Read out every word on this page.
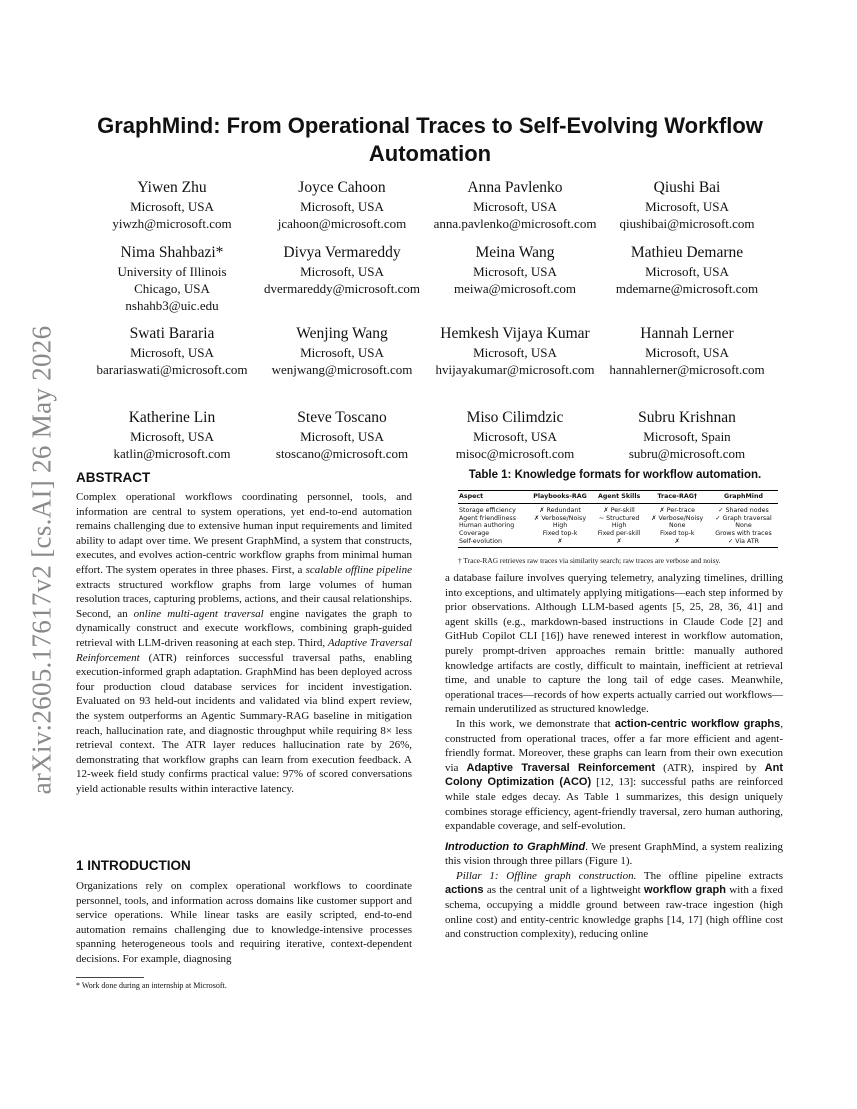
arXiv:2605.17617v2 [cs.AI] 26 May 2026
GraphMind: From Operational Traces to Self-Evolving Workflow Automation
Yiwen Zhu
Microsoft, USA
yiwzh@microsoft.com
Joyce Cahoon
Microsoft, USA
jcahoon@microsoft.com
Anna Pavlenko
Microsoft, USA
anna.pavlenko@microsoft.com
Qiushi Bai
Microsoft, USA
qiushibai@microsoft.com
Nima Shahbazi*
University of Illinois
Chicago, USA
nshahb3@uic.edu
Divya Vermareddy
Microsoft, USA
dvermareddy@microsoft.com
Meina Wang
Microsoft, USA
meiwa@microsoft.com
Mathieu Demarne
Microsoft, USA
mdemarne@microsoft.com
Swati Bararia
Microsoft, USA
barariaswati@microsoft.com
Wenjing Wang
Microsoft, USA
wenjwang@microsoft.com
Hemkesh Vijaya Kumar
Microsoft, USA
hvijayakumar@microsoft.com
Hannah Lerner
Microsoft, USA
hannahlerner@microsoft.com
Katherine Lin
Microsoft, USA
katlin@microsoft.com
Steve Toscano
Microsoft, USA
stoscano@microsoft.com
Miso Cilimdzic
Microsoft, USA
misoc@microsoft.com
Subru Krishnan
Microsoft, Spain
subru@microsoft.com
ABSTRACT

Complex operational workflows coordinating personnel, tools, and information are central to system operations, yet end-to-end automation remains challenging due to extensive human input requirements and limited ability to adapt over time. We present GraphMind, a system that constructs, executes, and evolves action-centric workflow graphs from minimal human effort. The system operates in three phases. First, a scalable offline pipeline extracts structured workflow graphs from large volumes of human resolution traces, capturing problems, actions, and their causal relationships. Second, an online multi-agent traversal engine navigates the graph to dynamically construct and execute workflows, combining graph-guided retrieval with LLM-driven reasoning at each step. Third, Adaptive Traversal Reinforcement (ATR) reinforces successful traversal paths, enabling execution-informed graph adaptation. GraphMind has been deployed across four production cloud database services for incident investigation. Evaluated on 93 held-out incidents and validated via blind expert review, the system outperforms an Agentic Summary-RAG baseline in mitigation reach, hallucination rate, and diagnostic throughput while requiring 8× less retrieval context. The ATR layer reduces hallucination rate by 26%, demonstrating that workflow graphs can learn from execution feedback. A 12-week field study confirms practical value: 97% of scored conversations yield actionable results within interactive latency.

1 INTRODUCTION

Organizations rely on complex operational workflows to coordinate personnel, tools, and information across domains like customer support and service operations. While linear tasks are easily scripted, end-to-end automation remains challenging due to knowledge-intensive processes spanning heterogeneous tools and requiring iterative, context-dependent decisions. For example, diagnosing

Table 1: Knowledge formats for workflow automation.
Aspect	Playbooks-RAG	Agent Skills	Trace-RAG†	GraphMind
Storage efficiency	✗ Redundant	✗ Per-skill	✗ Per-trace	✓ Shared nodes
Agent friendliness	✗ Verbose/Noisy	∼ Structured	✗ Verbose/Noisy	✓ Graph traversal
Human authoring	High	High	None	None
Coverage	Fixed top-k	Fixed per-skill	Fixed top-k	Grows with traces
Self-evolution	✗	✗	✗	✓ Via ATR
† Trace-RAG retrieves raw traces via similarity search; raw traces are verbose and noisy.

a database failure involves querying telemetry, analyzing timelines, drilling into exceptions, and ultimately applying mitigations—each step informed by prior observations. Although LLM-based agents [5, 25, 28, 36, 41] and agent skills (e.g., markdown-based instructions in Claude Code [2] and GitHub Copilot CLI [16]) have renewed interest in workflow automation, purely prompt-driven approaches remain brittle: manually authored knowledge artifacts are costly, difficult to maintain, inefficient at retrieval time, and unable to capture the long tail of edge cases. Meanwhile, operational traces—records of how experts actually carried out workflows—remain underutilized as structured knowledge.

In this work, we demonstrate that action-centric workflow graphs, constructed from operational traces, offer a far more efficient and agent-friendly format. Moreover, these graphs can learn from their own execution via Adaptive Traversal Reinforcement (ATR), inspired by Ant Colony Optimization (ACO) [12, 13]: successful paths are reinforced while stale edges decay. As Table 1 summarizes, this design uniquely combines storage efficiency, agent-friendly traversal, zero human authoring, expandable coverage, and self-evolution.

Introduction to GraphMind. We present GraphMind, a system realizing this vision through three pillars (Figure 1).

Pillar 1: Offline graph construction. The offline pipeline extracts actions as the central unit of a lightweight workflow graph with a fixed schema, occupying a middle ground between raw-trace ingestion (high online cost) and entity-centric knowledge graphs [14, 17] (high offline cost and construction complexity), reducing online

* Work done during an internship at Microsoft.
